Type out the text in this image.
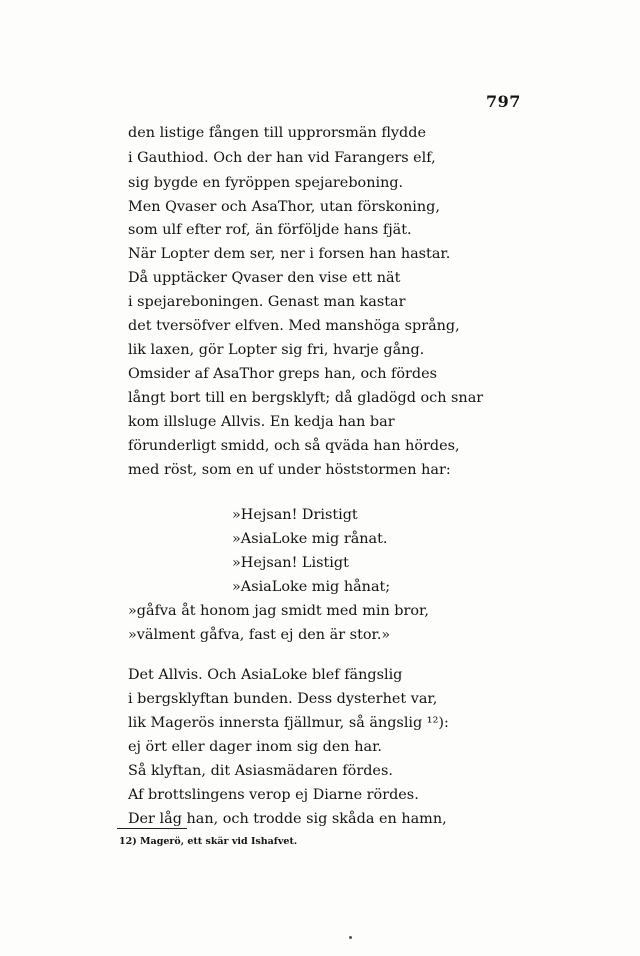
797
den listige fången till upprorsmän flydde
i Gauthiod. Och der han vid Farangers elf,
sig bygde en fyröppen spejareboning.
Men Qvaser och AsaThor, utan förskoning,
som ulf efter rof, än förföljde hans fjät.
När Lopter dem ser, ner i forsen han hastar.
Då upptäcker Qvaser den vise ett nät
i spejareboningen. Genast man kastar
det tversöfver elfven. Med manshöga språng,
lik laxen, gör Lopter sig fri, hvarje gång.
Omsider af AsaThor greps han, och fördes
långt bort till en bergsklyft; då gladögd och snar
kom illsluge Allvis. En kedja han bar
förunderligt smidd, och så qväda han hördes,
med röst, som en uf under höststormen har:
»Hejsan! Dristigt
»AsiaLoke mig rånat.
»Hejsan! Listigt
»AsiaLoke mig hånat;
»gåfva åt honom jag smidt med min bror,
»välment gåfva, fast ej den är stor.»
Det Allvis. Och AsiaLoke blef fängslig
i bergsklyftan bunden. Dess dysterhet var,
lik Magerös innersta fjällmur, så ängslig ¹²):
ej ört eller dager inom sig den har.
Så klyftan, dit Asiasmädaren fördes.
Af brottslingens verop ej Diarne rördes.
Der låg han, och trodde sig skåda en hamn,
12) Magerö, ett skär vid Ishafvet.
